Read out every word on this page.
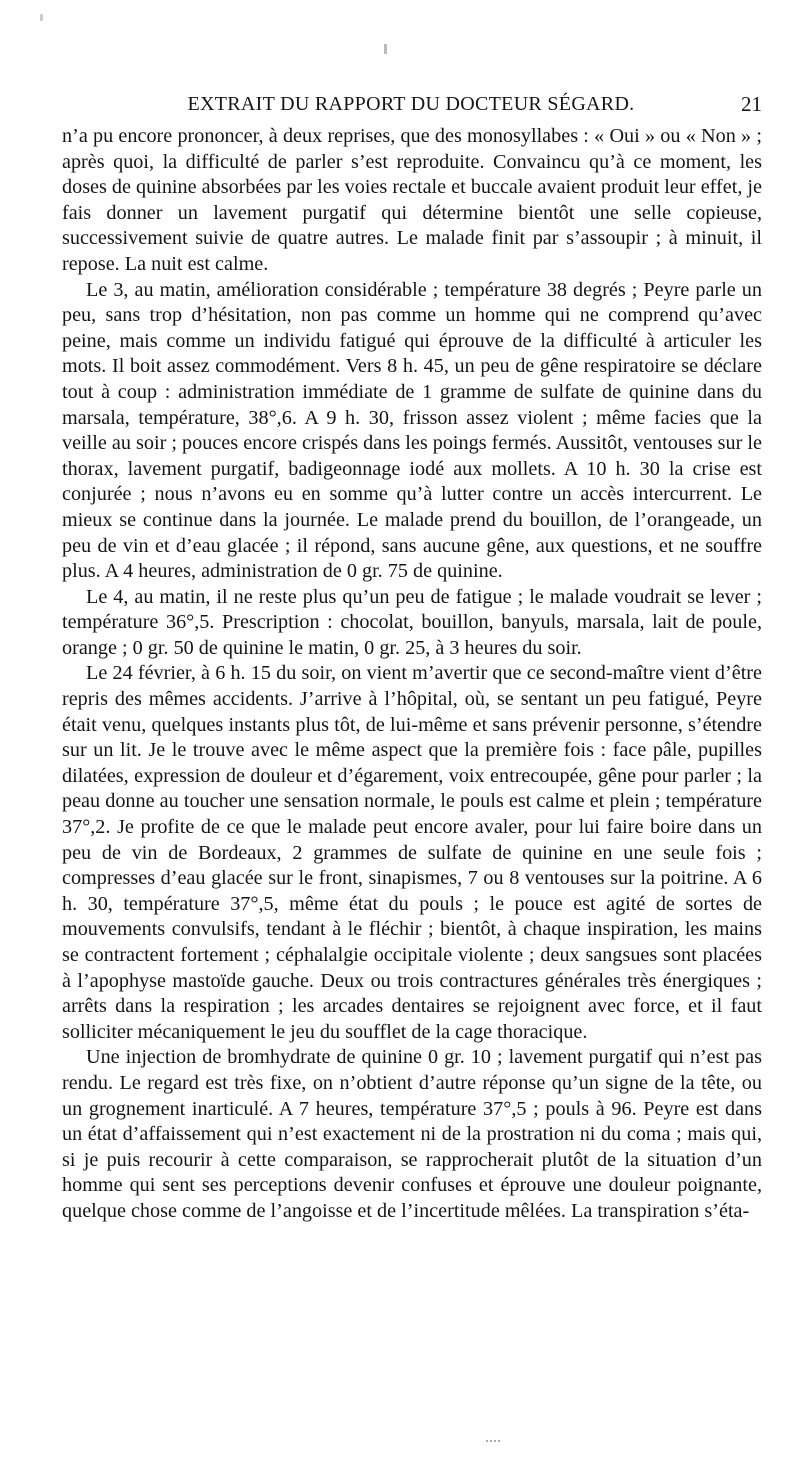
EXTRAIT DU RAPPORT DU DOCTEUR SÉGARD.	21

n’a pu encore prononcer, à deux reprises, que des monosyllabes : « Oui » ou « Non » ; après quoi, la difficulté de parler s’est reproduite. Convaincu qu’à ce moment, les doses de quinine absorbées par les voies rectale et buccale avaient produit leur effet, je fais donner un lavement purgatif qui détermine bientôt une selle copieuse, successivement suivie de quatre autres. Le malade finit par s’assoupir ; à minuit, il repose. La nuit est calme.

Le 3, au matin, amélioration considérable ; température 38 degrés ; Peyre parle un peu, sans trop d’hésitation, non pas comme un homme qui ne comprend qu’avec peine, mais comme un individu fatigué qui éprouve de la difficulté à articuler les mots. Il boit assez commodément. Vers 8 h. 45, un peu de gêne respiratoire se déclare tout à coup : administration immédiate de 1 gramme de sulfate de quinine dans du marsala, température, 38°,6. A 9 h. 30, frisson assez violent ; même facies que la veille au soir ; pouces encore crispés dans les poings fermés. Aussitôt, ventouses sur le thorax, lavement purgatif, badigeonnage iodé aux mollets. A 10 h. 30 la crise est conjurée ; nous n’avons eu en somme qu’à lutter contre un accès intercurrent. Le mieux se continue dans la journée. Le malade prend du bouillon, de l’orangeade, un peu de vin et d’eau glacée ; il répond, sans aucune gêne, aux questions, et ne souffre plus. A 4 heures, administration de 0 gr. 75 de quinine.

Le 4, au matin, il ne reste plus qu’un peu de fatigue ; le malade voudrait se lever ; température 36°,5. Prescription : chocolat, bouillon, banyuls, marsala, lait de poule, orange ; 0 gr. 50 de quinine le matin, 0 gr. 25, à 3 heures du soir.

Le 24 février, à 6 h. 15 du soir, on vient m’avertir que ce second-maître vient d’être repris des mêmes accidents. J’arrive à l’hôpital, où, se sentant un peu fatigué, Peyre était venu, quelques instants plus tôt, de lui-même et sans prévenir personne, s’étendre sur un lit. Je le trouve avec le même aspect que la première fois : face pâle, pupilles dilatées, expression de douleur et d’égarement, voix entrecoupée, gêne pour parler ; la peau donne au toucher une sensation normale, le pouls est calme et plein ; température 37°,2. Je profite de ce que le malade peut encore avaler, pour lui faire boire dans un peu de vin de Bordeaux, 2 grammes de sulfate de quinine en une seule fois ; compresses d’eau glacée sur le front, sinapismes, 7 ou 8 ventouses sur la poitrine. A 6 h. 30, température 37°,5, même état du pouls ; le pouce est agité de sortes de mouvements convulsifs, tendant à le fléchir ; bientôt, à chaque inspiration, les mains se contractent fortement ; céphalalgie occipitale violente ; deux sangsues sont placées à l’apophyse mastoïde gauche. Deux ou trois contractures générales très énergiques ; arrêts dans la respiration ; les arcades dentaires se rejoignent avec force, et il faut solliciter mécaniquement le jeu du soufflet de la cage thoracique.

Une injection de bromhydrate de quinine 0 gr. 10 ; lavement purgatif qui n’est pas rendu. Le regard est très fixe, on n’obtient d’autre réponse qu’un signe de la tête, ou un grognement inarticulé. A 7 heures, température 37°,5 ; pouls à 96. Peyre est dans un état d’affaissement qui n’est exactement ni de la prostration ni du coma ; mais qui, si je puis recourir à cette comparaison, se rapprocherait plutôt de la situation d’un homme qui sent ses perceptions devenir confuses et éprouve une douleur poignante, quelque chose comme de l’angoisse et de l’incertitude mêlées. La transpiration s’éta-
